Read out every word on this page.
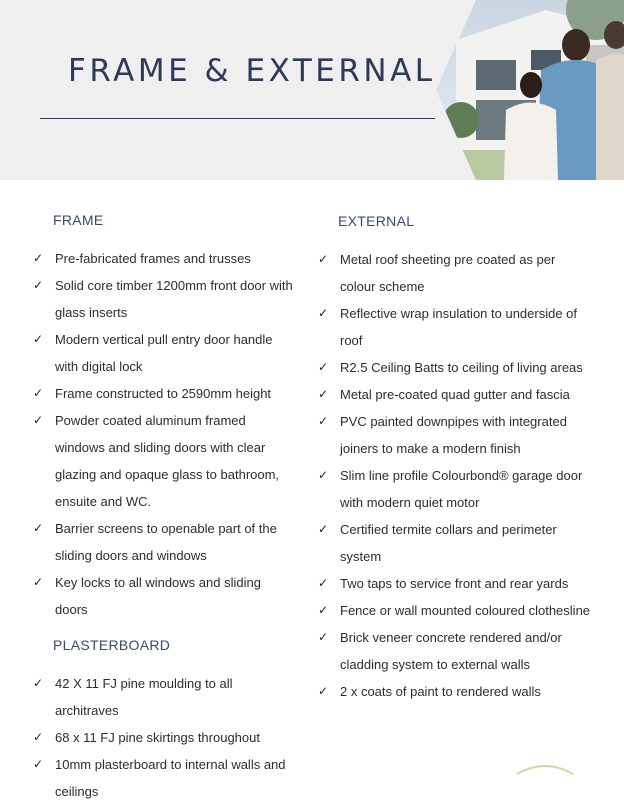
FRAME & EXTERNAL
FRAME
✓ Pre-fabricated frames and trusses
✓ Solid core timber 1200mm front door with glass inserts
✓ Modern vertical pull entry door handle with digital lock
✓ Frame constructed to 2590mm height
✓ Powder coated aluminum framed windows and sliding doors with clear glazing and opaque glass to bathroom, ensuite and WC.
✓ Barrier screens to openable part of the sliding doors and windows
✓ Key locks to all windows and sliding doors
PLASTERBOARD
✓ 42 X 11 FJ pine moulding to all architraves
✓ 68 x 11 FJ pine skirtings throughout
✓ 10mm plasterboard to internal walls and ceilings
EXTERNAL
✓ Metal roof sheeting pre coated as per colour scheme
✓ Reflective wrap insulation to underside of roof
✓ R2.5 Ceiling Batts to ceiling of living areas
✓ Metal pre-coated quad gutter and fascia
✓ PVC painted downpipes with integrated joiners to make a modern finish
✓ Slim line profile Colourbond® garage door with modern quiet motor
✓ Certified termite collars and perimeter system
✓ Two taps to service front and rear yards
✓ Fence or wall mounted coloured clothesline
✓ Brick veneer concrete rendered and/or cladding system to external walls
✓ 2 x coats of paint to rendered walls
